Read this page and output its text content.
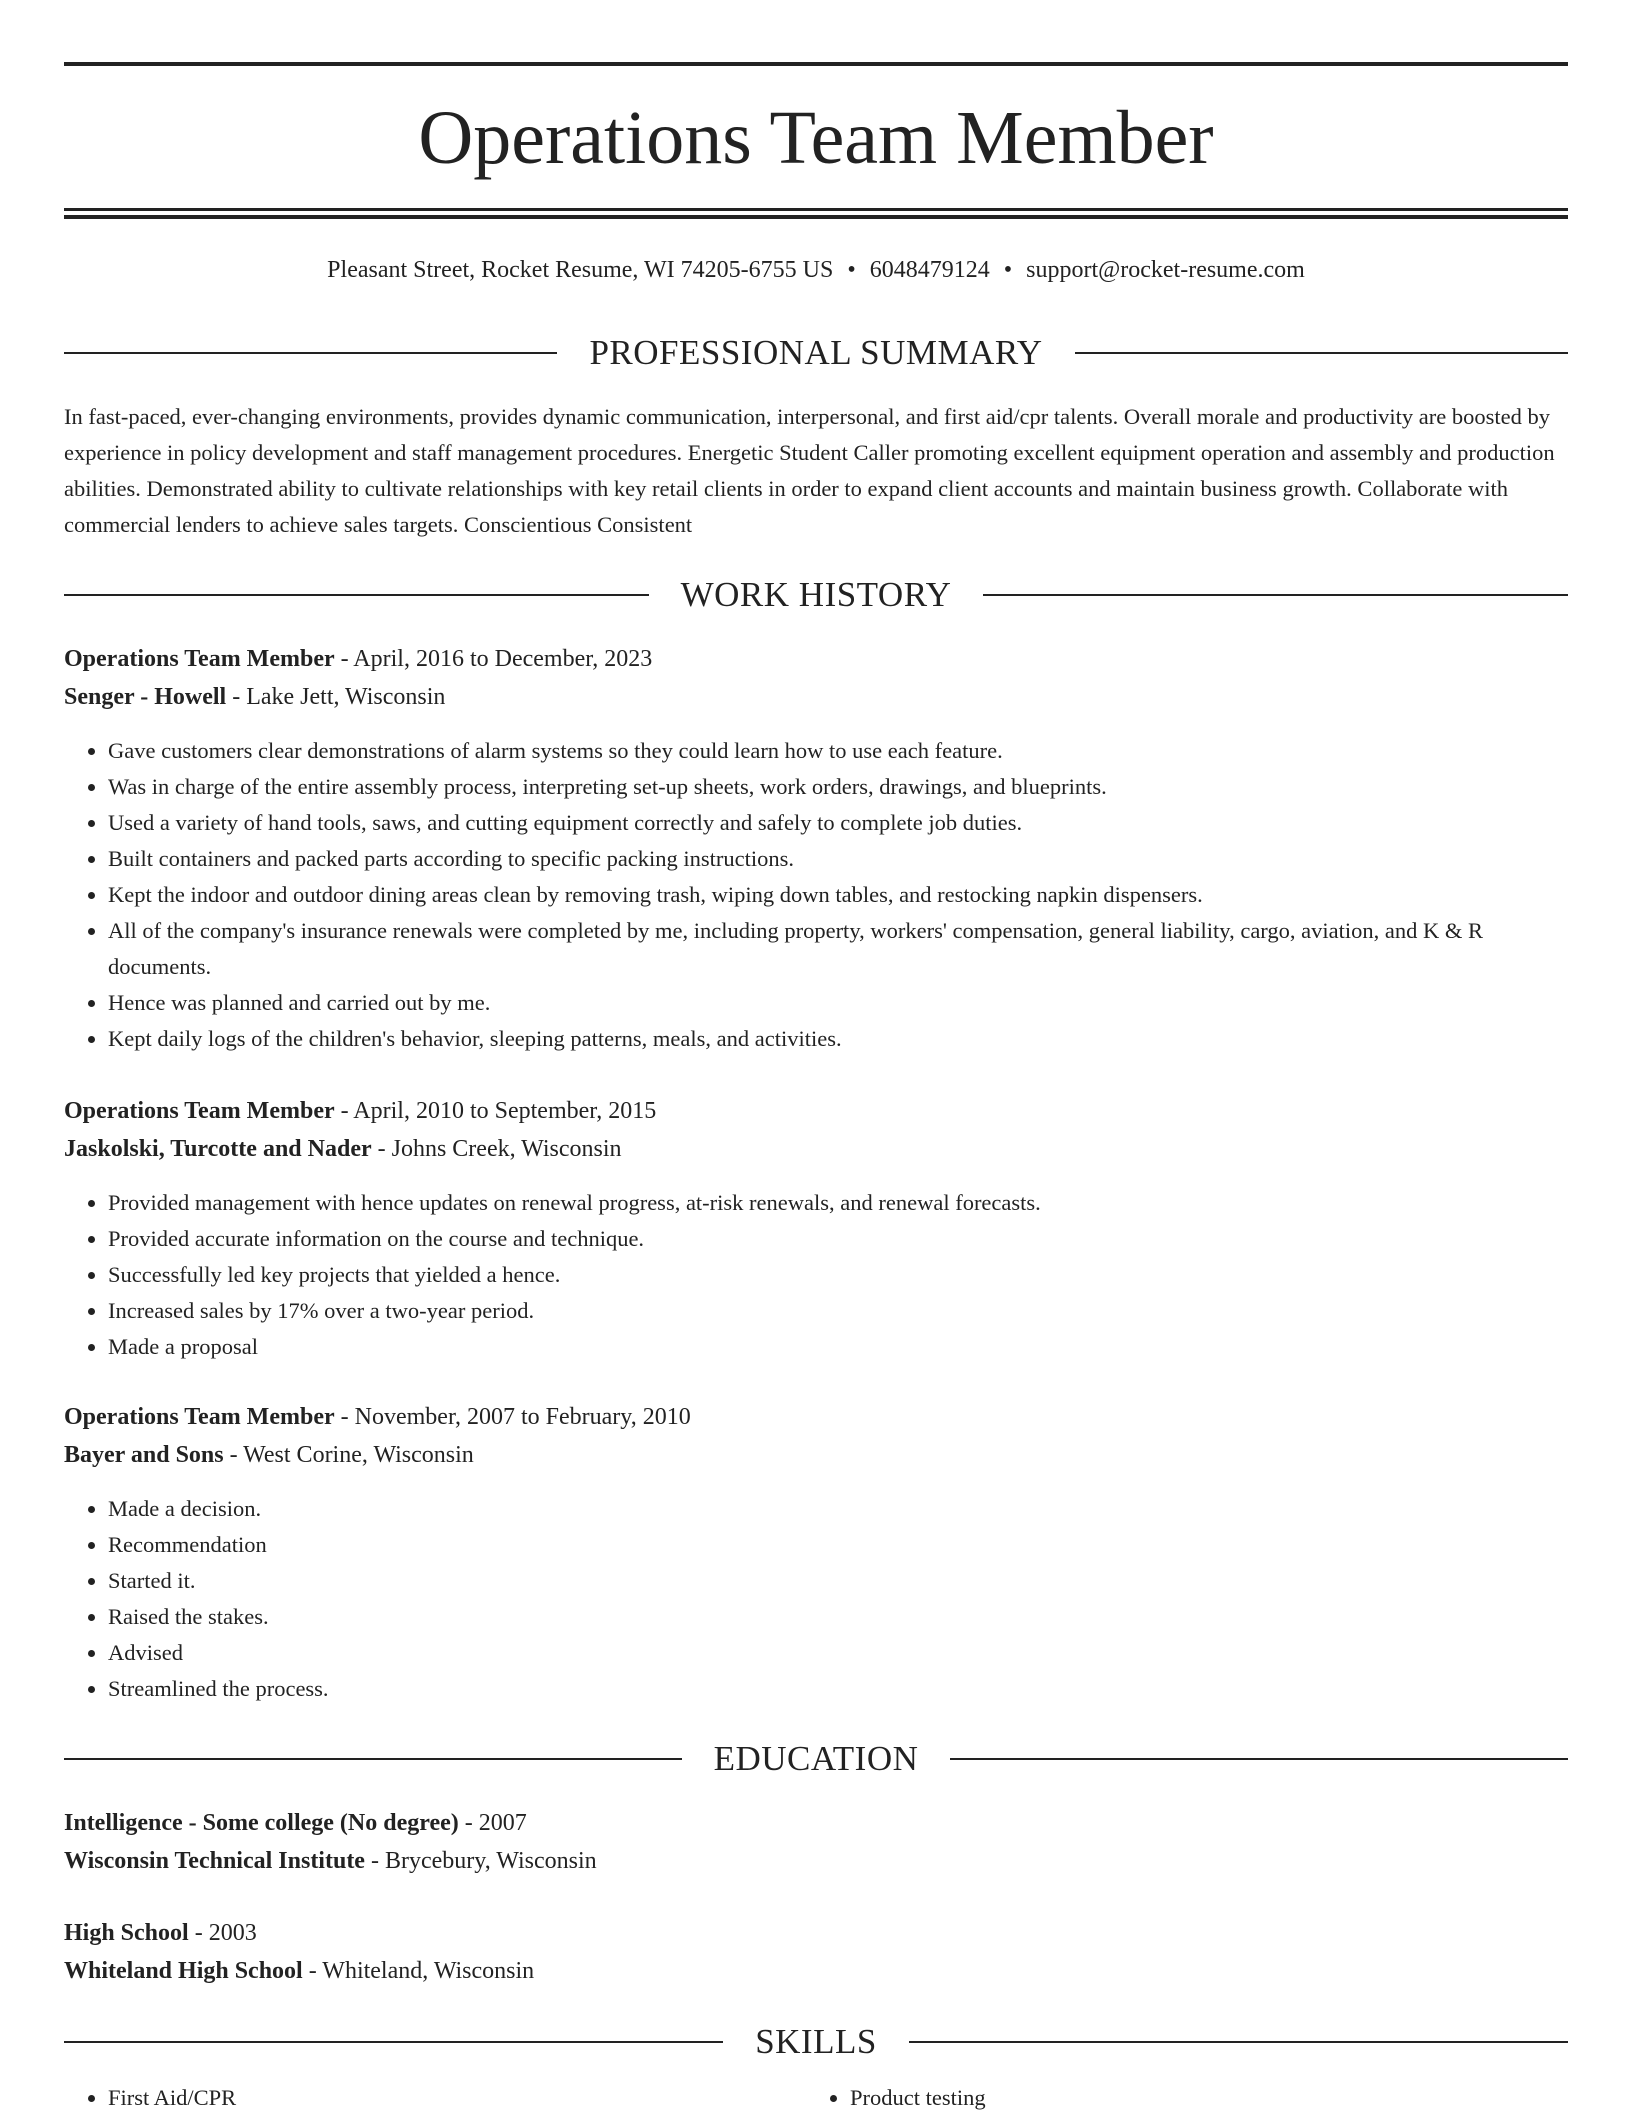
Operations Team Member
Pleasant Street, Rocket Resume, WI 74205-6755 US • 6048479124 • support@rocket-resume.com
PROFESSIONAL SUMMARY

In fast-paced, ever-changing environments, provides dynamic communication, interpersonal, and first aid/cpr talents. Overall morale and productivity are boosted by experience in policy development and staff management procedures. Energetic Student Caller promoting excellent equipment operation and assembly and production abilities. Demonstrated ability to cultivate relationships with key retail clients in order to expand client accounts and maintain business growth. Collaborate with commercial lenders to achieve sales targets. Conscientious Consistent

WORK HISTORY
Operations Team Member - April, 2016 to December, 2023
Senger - Howell - Lake Jett, Wisconsin
• Gave customers clear demonstrations of alarm systems so they could learn how to use each feature.
• Was in charge of the entire assembly process, interpreting set-up sheets, work orders, drawings, and blueprints.
• Used a variety of hand tools, saws, and cutting equipment correctly and safely to complete job duties.
• Built containers and packed parts according to specific packing instructions.
• Kept the indoor and outdoor dining areas clean by removing trash, wiping down tables, and restocking napkin dispensers.
• All of the company's insurance renewals were completed by me, including property, workers' compensation, general liability, cargo, aviation, and K & R documents.
• Hence was planned and carried out by me.
• Kept daily logs of the children's behavior, sleeping patterns, meals, and activities.
Operations Team Member - April, 2010 to September, 2015
Jaskolski, Turcotte and Nader - Johns Creek, Wisconsin
• Provided management with hence updates on renewal progress, at-risk renewals, and renewal forecasts.
• Provided accurate information on the course and technique.
• Successfully led key projects that yielded a hence.
• Increased sales by 17% over a two-year period.
• Made a proposal
Operations Team Member - November, 2007 to February, 2010
Bayer and Sons - West Corine, Wisconsin
• Made a decision.
• Recommendation
• Started it.
• Raised the stakes.
• Advised
• Streamlined the process.
EDUCATION
Intelligence - Some college (No degree) - 2007
Wisconsin Technical Institute - Brycebury, Wisconsin
High School - 2003
Whiteland High School - Whiteland, Wisconsin
SKILLS
• First Aid/CPR
•	Product testing
